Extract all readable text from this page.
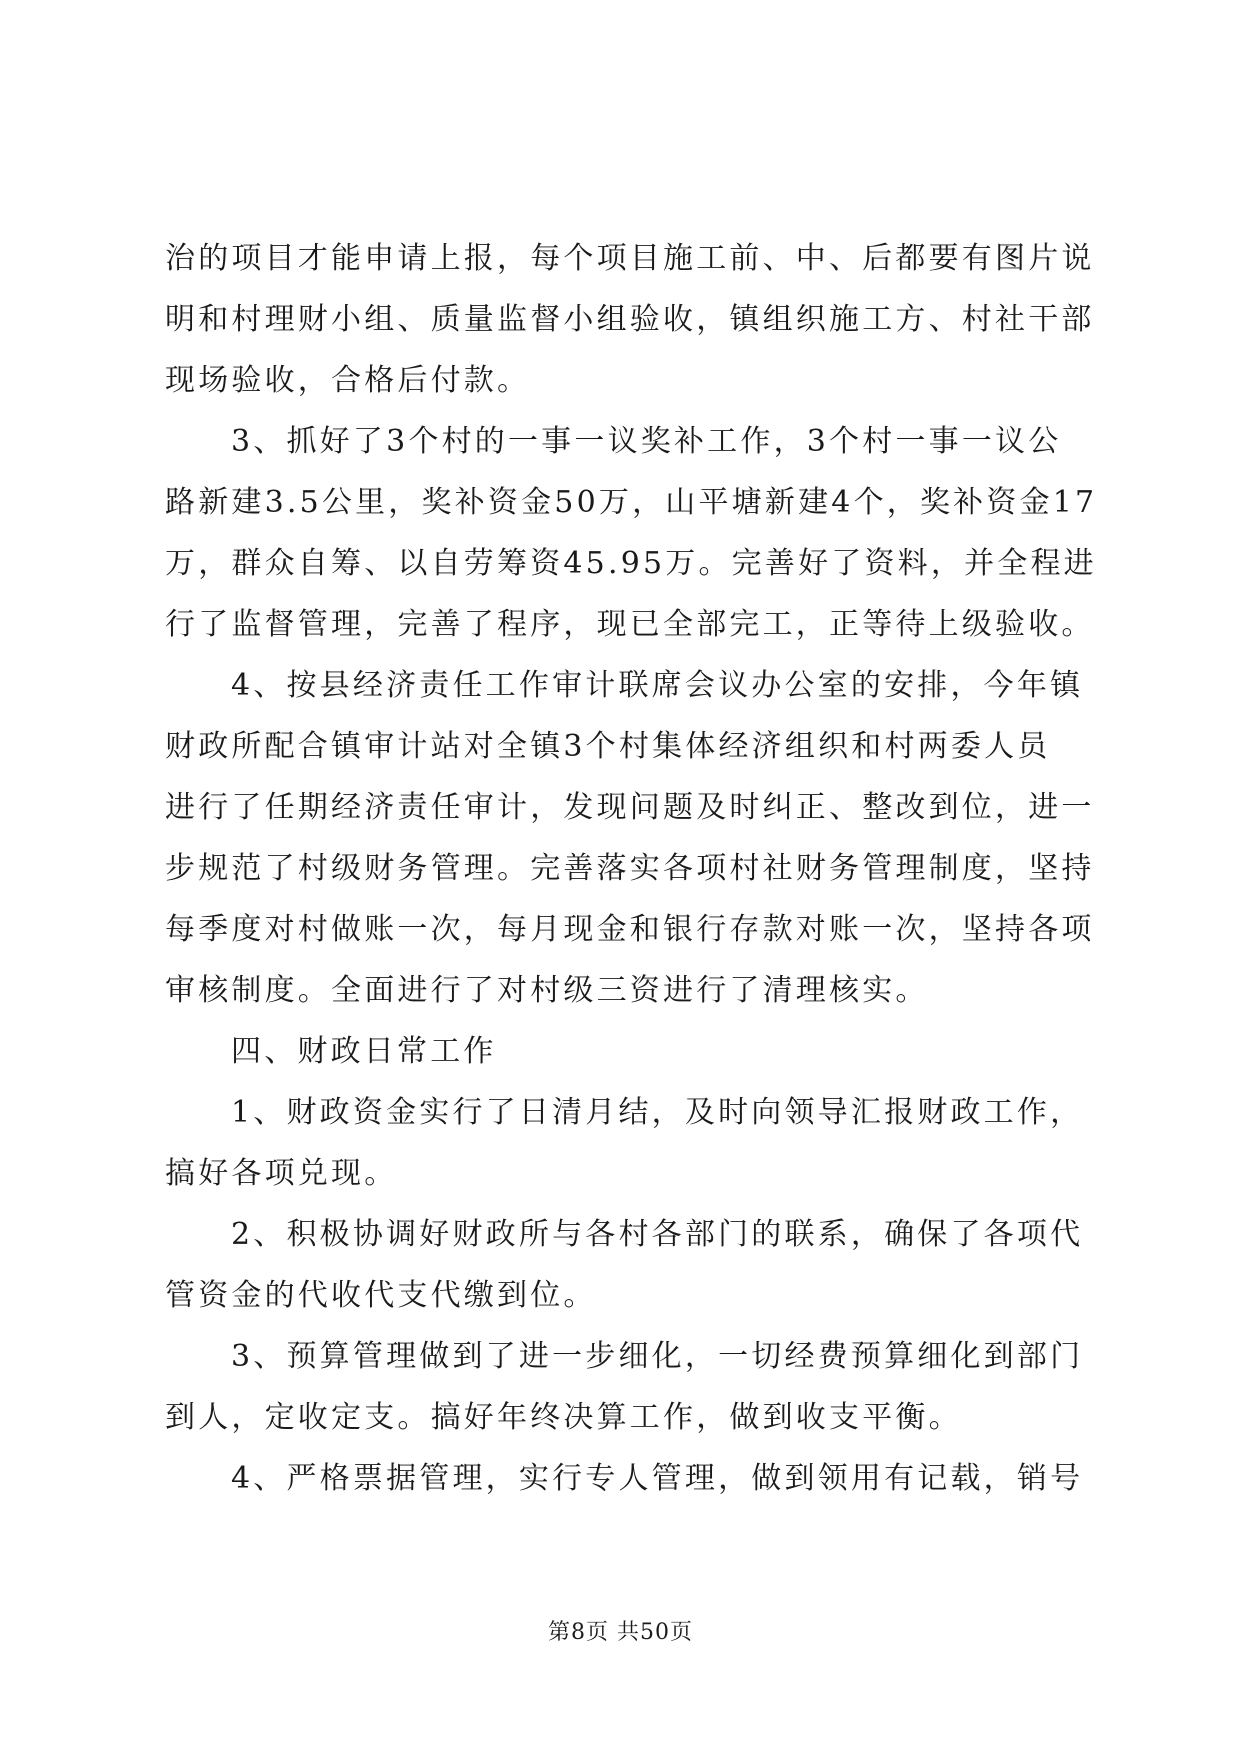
治的项目才能申请上报，每个项目施工前、中、后都要有图片说
明和村理财小组、质量监督小组验收，镇组织施工方、村社干部
现场验收，合格后付款。
3、抓好了3个村的一事一议奖补工作，3个村一事一议公
路新建3.5公里，奖补资金50万，山平塘新建4个，奖补资金17
万，群众自筹、以自劳筹资45.95万。完善好了资料，并全程进
行了监督管理，完善了程序，现已全部完工，正等待上级验收。
4、按县经济责任工作审计联席会议办公室的安排，今年镇
财政所配合镇审计站对全镇3个村集体经济组织和村两委人员
进行了任期经济责任审计，发现问题及时纠正、整改到位，进一
步规范了村级财务管理。完善落实各项村社财务管理制度，坚持
每季度对村做账一次，每月现金和银行存款对账一次，坚持各项
审核制度。全面进行了对村级三资进行了清理核实。
四、财政日常工作
1、财政资金实行了日清月结，及时向领导汇报财政工作，
搞好各项兑现。
2、积极协调好财政所与各村各部门的联系，确保了各项代
管资金的代收代支代缴到位。
3、预算管理做到了进一步细化，一切经费预算细化到部门
到人，定收定支。搞好年终决算工作，做到收支平衡。
4、严格票据管理，实行专人管理，做到领用有记载，销号
第8页 共50页
